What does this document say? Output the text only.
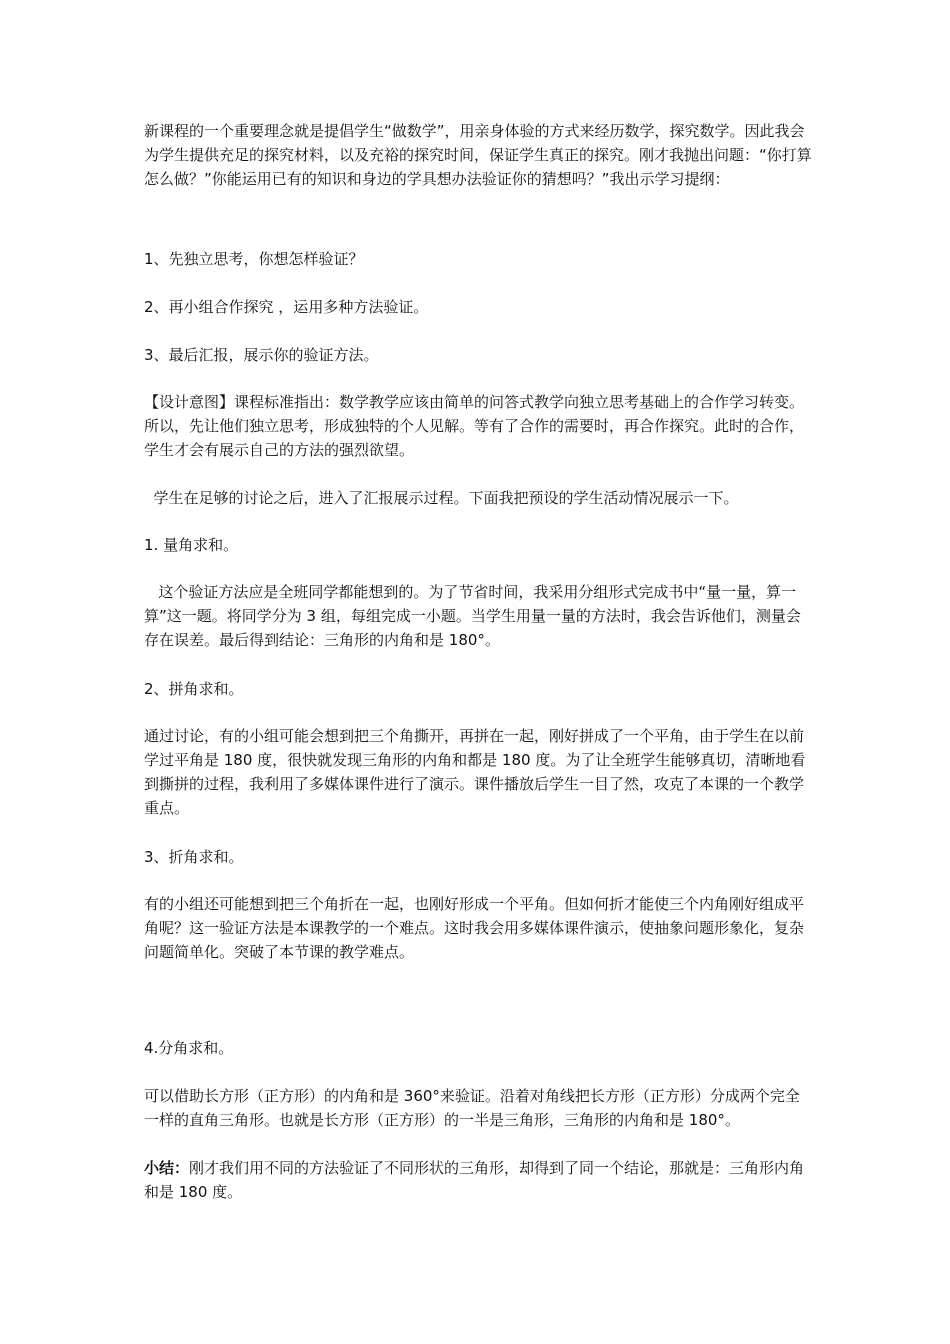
新课程的一个重要理念就是提倡学生“做数学”，用亲身体验的方式来经历数学，探究数学。因此我会为学生提供充足的探究材料，以及充裕的探究时间，保证学生真正的探究。刚才我抛出问题：“你打算怎么做？”你能运用已有的知识和身边的学具想办法验证你的猜想吗？”我出示学习提纲：

1、先独立思考，你想怎样验证？

2、再小组合作探究 ，运用多种方法验证。

3、最后汇报，展示你的验证方法。

【设计意图】课程标准指出：数学教学应该由简单的问答式教学向独立思考基础上的合作学习转变。所以，先让他们独立思考，形成独特的个人见解。等有了合作的需要时，再合作探究。此时的合作，学生才会有展示自己的方法的强烈欲望。

学生在足够的讨论之后，进入了汇报展示过程。下面我把预设的学生活动情况展示一下。

1. 量角求和。

这个验证方法应是全班同学都能想到的。为了节省时间，我采用分组形式完成书中“量一量，算一算”这一题。将同学分为 3 组，每组完成一小题。当学生用量一量的方法时，我会告诉他们，测量会存在误差。最后得到结论：三角形的内角和是 180°。

2、拼角求和。

通过讨论，有的小组可能会想到把三个角撕开，再拼在一起，刚好拼成了一个平角，由于学生在以前学过平角是 180 度，很快就发现三角形的内角和都是 180 度。为了让全班学生能够真切，清晰地看到撕拼的过程，我利用了多媒体课件进行了演示。课件播放后学生一目了然，攻克了本课的一个教学重点。

3、折角求和。

有的小组还可能想到把三个角折在一起，也刚好形成一个平角。但如何折才能使三个内角刚好组成平角呢？这一验证方法是本课教学的一个难点。这时我会用多媒体课件演示，使抽象问题形象化，复杂问题简单化。突破了本节课的教学难点。

4.分角求和。

可以借助长方形（正方形）的内角和是 360°来验证。沿着对角线把长方形（正方形）分成两个完全一样的直角三角形。也就是长方形（正方形）的一半是三角形，三角形的内角和是 180°。

小结：刚才我们用不同的方法验证了不同形状的三角形，却得到了同一个结论，那就是：三角形内角和是 180 度。
